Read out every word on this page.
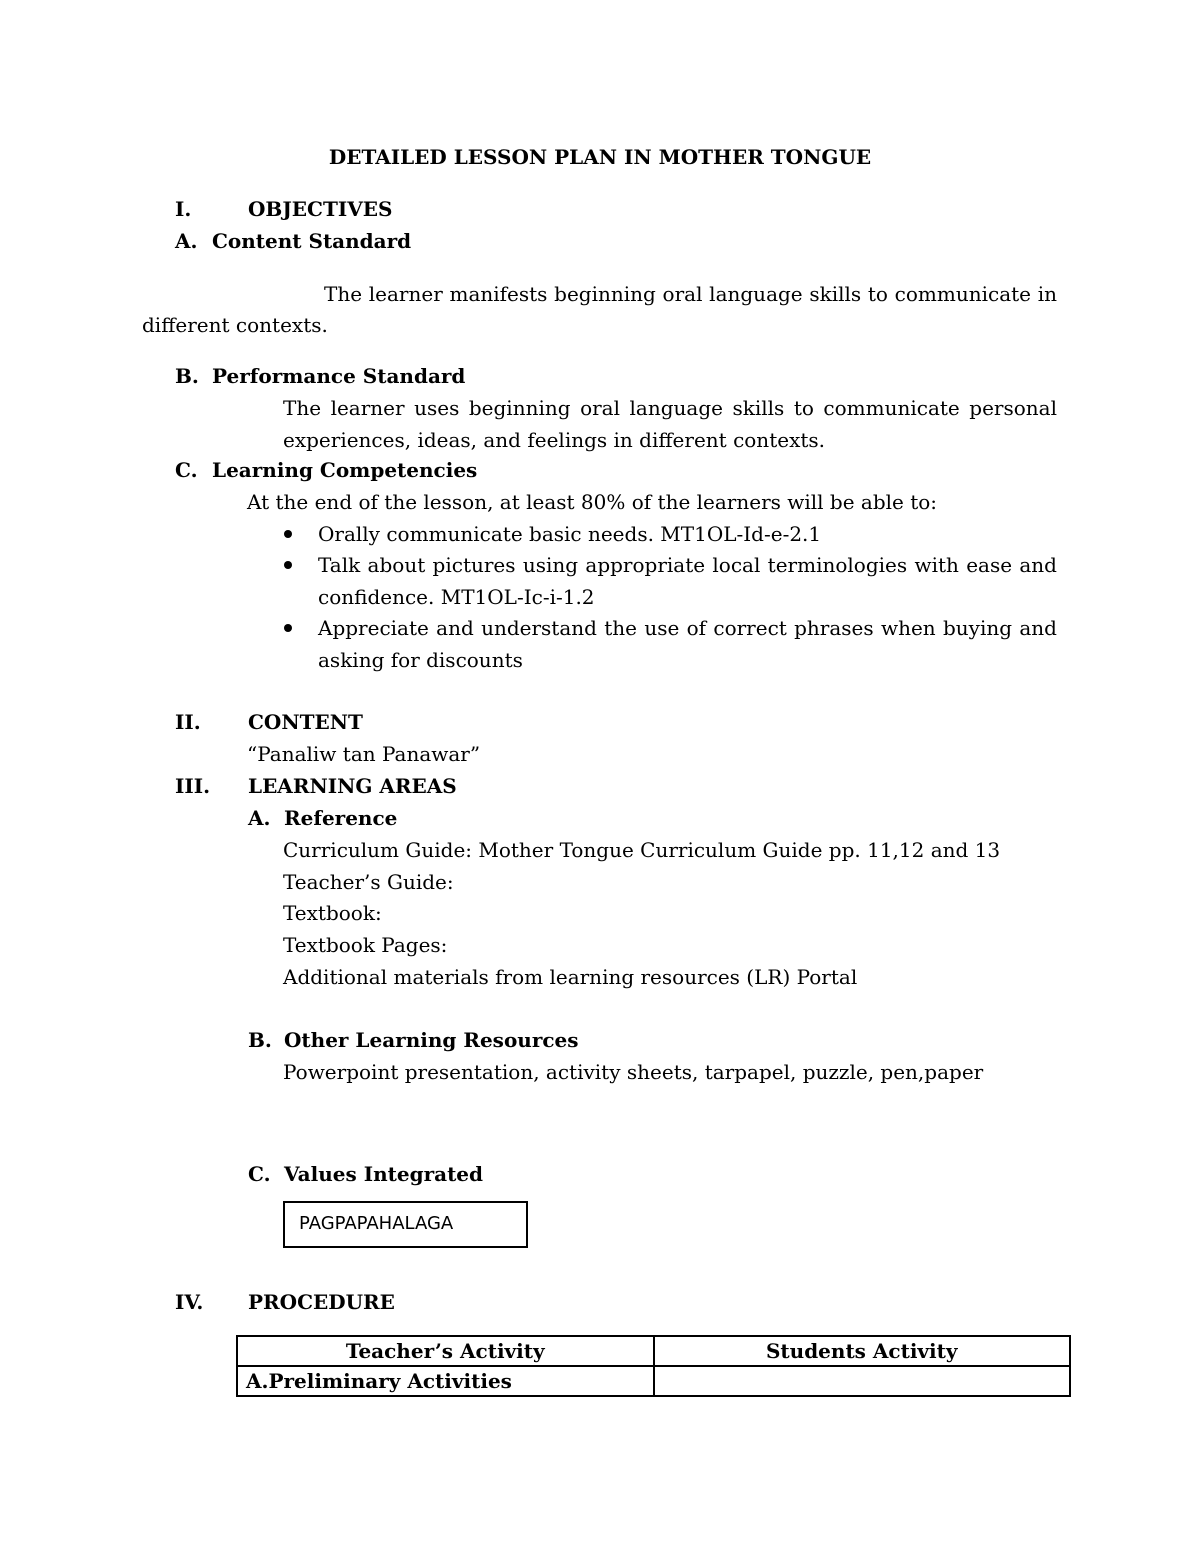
DETAILED LESSON PLAN IN MOTHER TONGUE

I.	OBJECTIVES

A. Content Standard

The learner manifests beginning oral language skills to communicate in

different contexts.

B. Performance Standard

The learner uses beginning oral language skills to communicate personal

experiences, ideas, and feelings in different contexts.

C. Learning Competencies

At the end of the lesson, at least 80% of the learners will be able to:

Orally communicate basic needs. MT1OL-Id-e-2.1

Talk about pictures using appropriate local terminologies with ease and

confidence. MT1OL-Ic-i-1.2

Appreciate and understand the use of correct phrases when buying and

asking for discounts

II. CONTENT

“Panaliw tan Panawar”

III. LEARNING AREAS

A. Reference

Curriculum Guide: Mother Tongue Curriculum Guide pp. 11,12 and 13

Teacher’s Guide:

Textbook:

Textbook Pages:

Additional materials from learning resources (LR) Portal

B. Other Learning Resources

Powerpoint presentation, activity sheets, tarpapel, puzzle, pen,paper

C. Values Integrated

PAGPAPAHALAGA

IV. PROCEDURE

Teacher’s Activity	Students Activity
A.Preliminary Activities	
